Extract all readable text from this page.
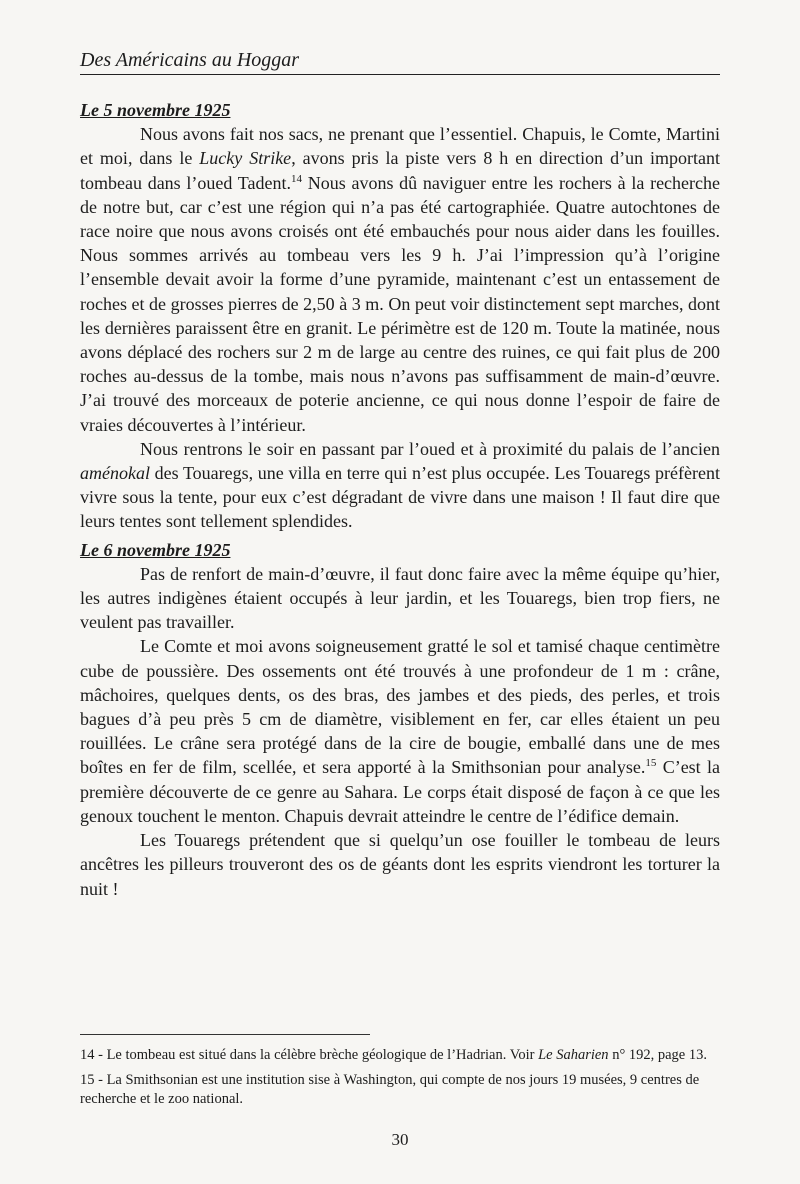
Des Américains au Hoggar

Le 5 novembre 1925

Nous avons fait nos sacs, ne prenant que l’essentiel. Chapuis, le Comte, Martini et moi, dans le Lucky Strike, avons pris la piste vers 8 h en direction d’un important tombeau dans l’oued Tadent.$^{14}$ Nous avons dû naviguer entre les rochers à la recherche de notre but, car c’est une région qui n’a pas été cartographiée. Quatre autochtones de race noire que nous avons croisés ont été embauchés pour nous aider dans les fouilles. Nous sommes arrivés au tombeau vers les 9 h. J’ai l’impression qu’à l’origine l’ensemble devait avoir la forme d’une pyramide, maintenant c’est un entassement de roches et de grosses pierres de 2,50 à 3 m. On peut voir distinctement sept marches, dont les dernières paraissent être en granit. Le périmètre est de 120 m. Toute la matinée, nous avons déplacé des rochers sur 2 m de large au centre des ruines, ce qui fait plus de 200 roches au-dessus de la tombe, mais nous n’avons pas suffisamment de main-d’œuvre. J’ai trouvé des morceaux de poterie ancienne, ce qui nous donne l’espoir de faire de vraies découvertes à l’intérieur.

Nous rentrons le soir en passant par l’oued et à proximité du palais de l’ancien aménokal des Touaregs, une villa en terre qui n’est plus occupée. Les Touaregs préfèrent vivre sous la tente, pour eux c’est dégradant de vivre dans une maison ! Il faut dire que leurs tentes sont tellement splendides.

Le 6 novembre 1925

Pas de renfort de main-d’œuvre, il faut donc faire avec la même équipe qu’hier, les autres indigènes étaient occupés à leur jardin, et les Touaregs, bien trop fiers, ne veulent pas travailler.

Le Comte et moi avons soigneusement gratté le sol et tamisé chaque centimètre cube de poussière. Des ossements ont été trouvés à une profondeur de 1 m : crâne, mâchoires, quelques dents, os des bras, des jambes et des pieds, des perles, et trois bagues d’à peu près 5 cm de diamètre, visiblement en fer, car elles étaient un peu rouillées. Le crâne sera protégé dans de la cire de bougie, emballé dans une de mes boîtes en fer de film, scellée, et sera apporté à la Smithsonian pour analyse.$^{15}$ C’est la première découverte de ce genre au Sahara. Le corps était disposé de façon à ce que les genoux touchent le menton. Chapuis devrait atteindre le centre de l’édifice demain.

Les Touaregs prétendent que si quelqu’un ose fouiller le tombeau de leurs ancêtres les pilleurs trouveront des os de géants dont les esprits viendront les torturer la nuit !

14 - Le tombeau est situé dans la célèbre brèche géologique de l’Hadrian. Voir Le Saharien n° 192, page 13.

15 - La Smithsonian est une institution sise à Washington, qui compte de nos jours 19 musées, 9 centres de recherche et le zoo national.

30
